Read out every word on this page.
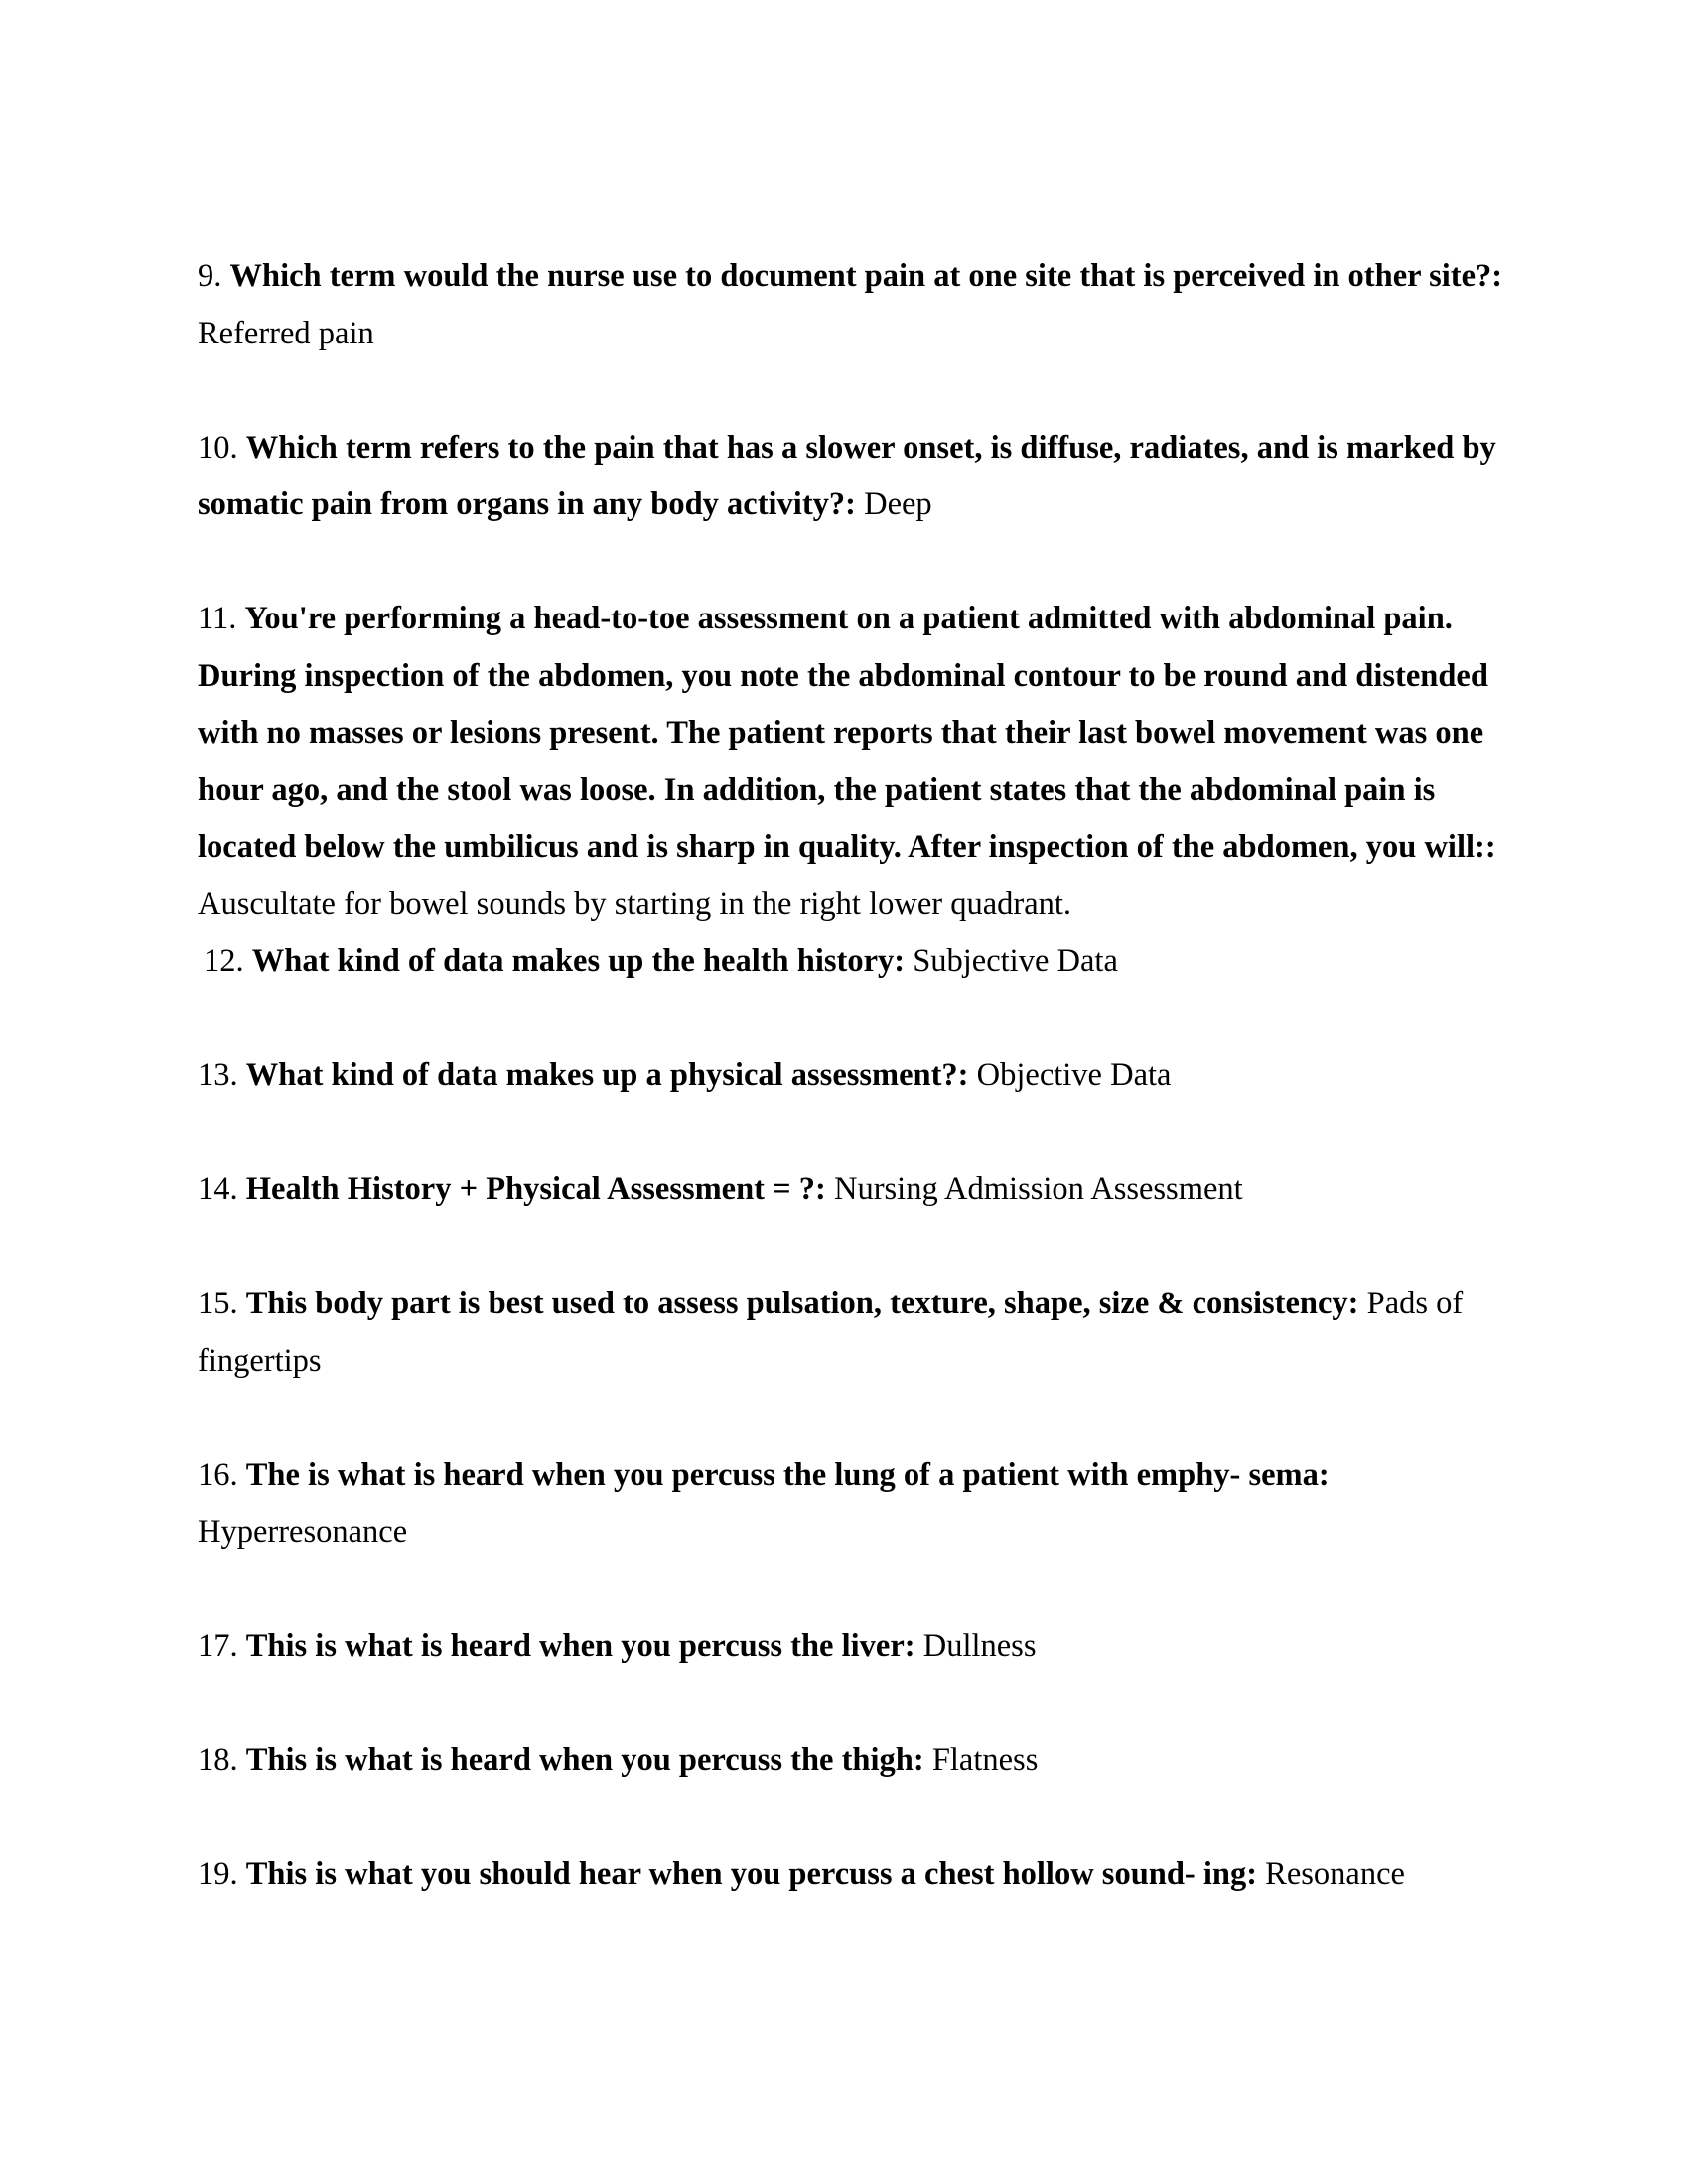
9. Which term would the nurse use to document pain at one site that is perceived in other site?: Referred pain
10. Which term refers to the pain that has a slower onset, is diffuse, radiates, and is marked by somatic pain from organs in any body activity?: Deep
11. You're performing a head-to-toe assessment on a patient admitted with abdominal pain. During inspection of the abdomen, you note the abdominal contour to be round and distended with no masses or lesions present. The patient reports that their last bowel movement was one hour ago, and the stool was loose. In addition, the patient states that the abdominal pain is located below the umbilicus and is sharp in quality. After inspection of the abdomen, you will:: Auscultate for bowel sounds by starting in the right lower quadrant.
12. What kind of data makes up the health history: Subjective Data
13. What kind of data makes up a physical assessment?: Objective Data
14. Health History + Physical Assessment = ?: Nursing Admission Assessment
15. This body part is best used to assess pulsation, texture, shape, size & consistency: Pads of fingertips
16. The is what is heard when you percuss the lung of a patient with emphy- sema: Hyperresonance
17. This is what is heard when you percuss the liver: Dullness
18. This is what is heard when you percuss the thigh: Flatness
19. This is what you should hear when you percuss a chest hollow sound- ing: Resonance
